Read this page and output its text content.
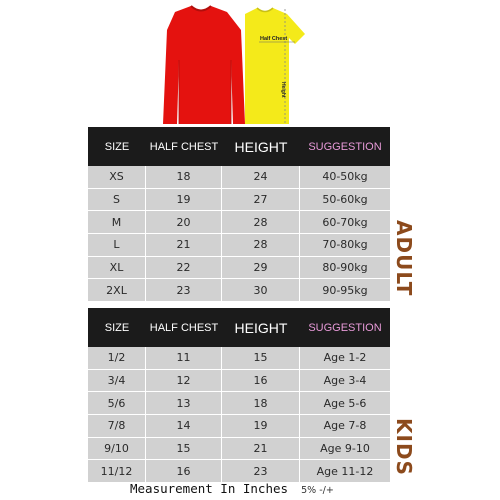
Half Chest
Height
SIZE	HALF CHEST	HEIGHT	SUGGESTION
XS	18	24	40-50kg
S	19	27	50-60kg
M	20	28	60-70kg
L	21	28	70-80kg
XL	22	29	80-90kg
2XL	23	30	90-95kg	ADULT
SIZE	HALF CHEST	HEIGHT	SUGGESTION
1/2	11	15	Age 1-2
3/4	12	16	Age 3-4
5/6	13	18	Age 5-6
7/8	14	19	Age 7-8
9/10	15	21	Age 9-10
11/12	16	23	Age 11-12 KIDS
Measurement In Inches 5% -/+
